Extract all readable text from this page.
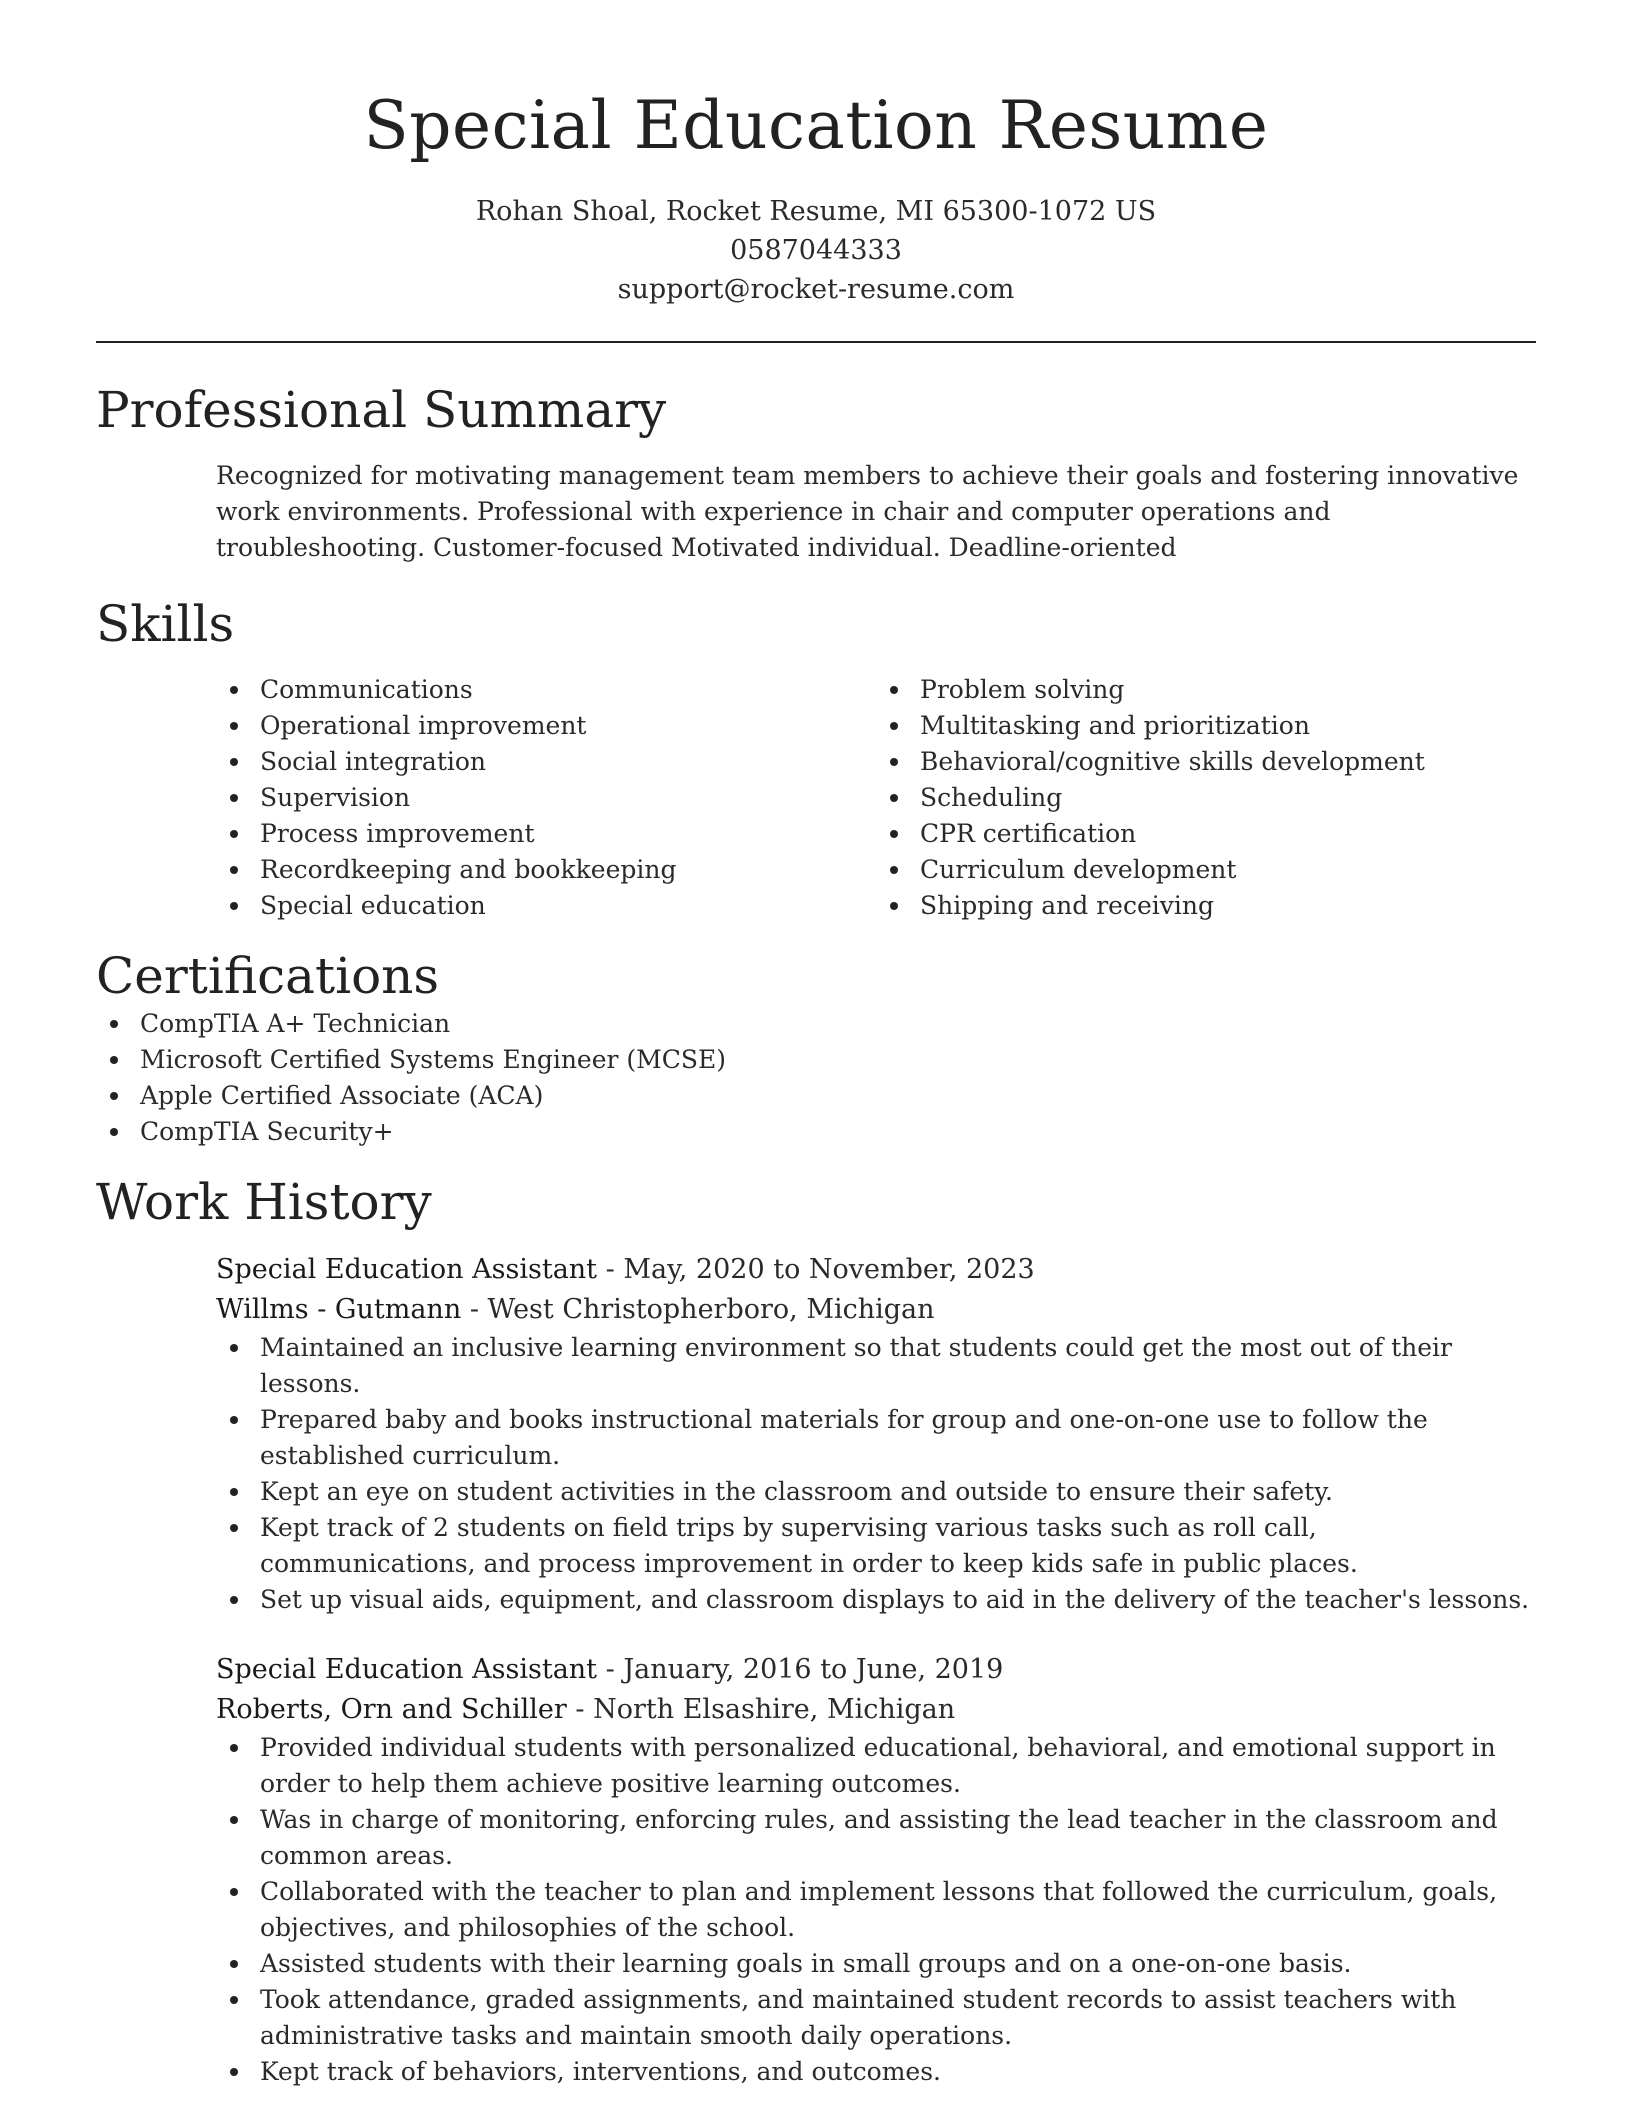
Special Education Resume
Rohan Shoal, Rocket Resume, MI 65300-1072 US
0587044333
support@rocket-resume.com
Professional Summary

Recognized for motivating management team members to achieve their goals and fostering innovative work environments. Professional with experience in chair and computer operations and troubleshooting. Customer-focused Motivated individual. Deadline-oriented

Skills
Communications
Operational improvement
Social integration
Supervision
Process improvement
Recordkeeping and bookkeeping
Special education
Problem solving
Multitasking and prioritization
Behavioral/cognitive skills development
Scheduling
CPR certification
Curriculum development
Shipping and receiving
Certifications
CompTIA A+ Technician
Microsoft Certified Systems Engineer (MCSE)
Apple Certified Associate (ACA)
CompTIA Security+
Work History
Special Education Assistant - May, 2020 to November, 2023
Willms - Gutmann - West Christopherboro, Michigan
Maintained an inclusive learning environment so that students could get the most out of their lessons.
Prepared baby and books instructional materials for group and one-on-one use to follow the established curriculum.
Kept an eye on student activities in the classroom and outside to ensure their safety.
Kept track of 2 students on field trips by supervising various tasks such as roll call, communications, and process improvement in order to keep kids safe in public places.
Set up visual aids, equipment, and classroom displays to aid in the delivery of the teacher's lessons.
Special Education Assistant - January, 2016 to June, 2019
Roberts, Orn and Schiller - North Elsashire, Michigan
Provided individual students with personalized educational, behavioral, and emotional support in order to help them achieve positive learning outcomes.
Was in charge of monitoring, enforcing rules, and assisting the lead teacher in the classroom and common areas.
Collaborated with the teacher to plan and implement lessons that followed the curriculum, goals, objectives, and philosophies of the school.
Assisted students with their learning goals in small groups and on a one-on-one basis.
Took attendance, graded assignments, and maintained student records to assist teachers with administrative tasks and maintain smooth daily operations.
Kept track of behaviors, interventions, and outcomes.
